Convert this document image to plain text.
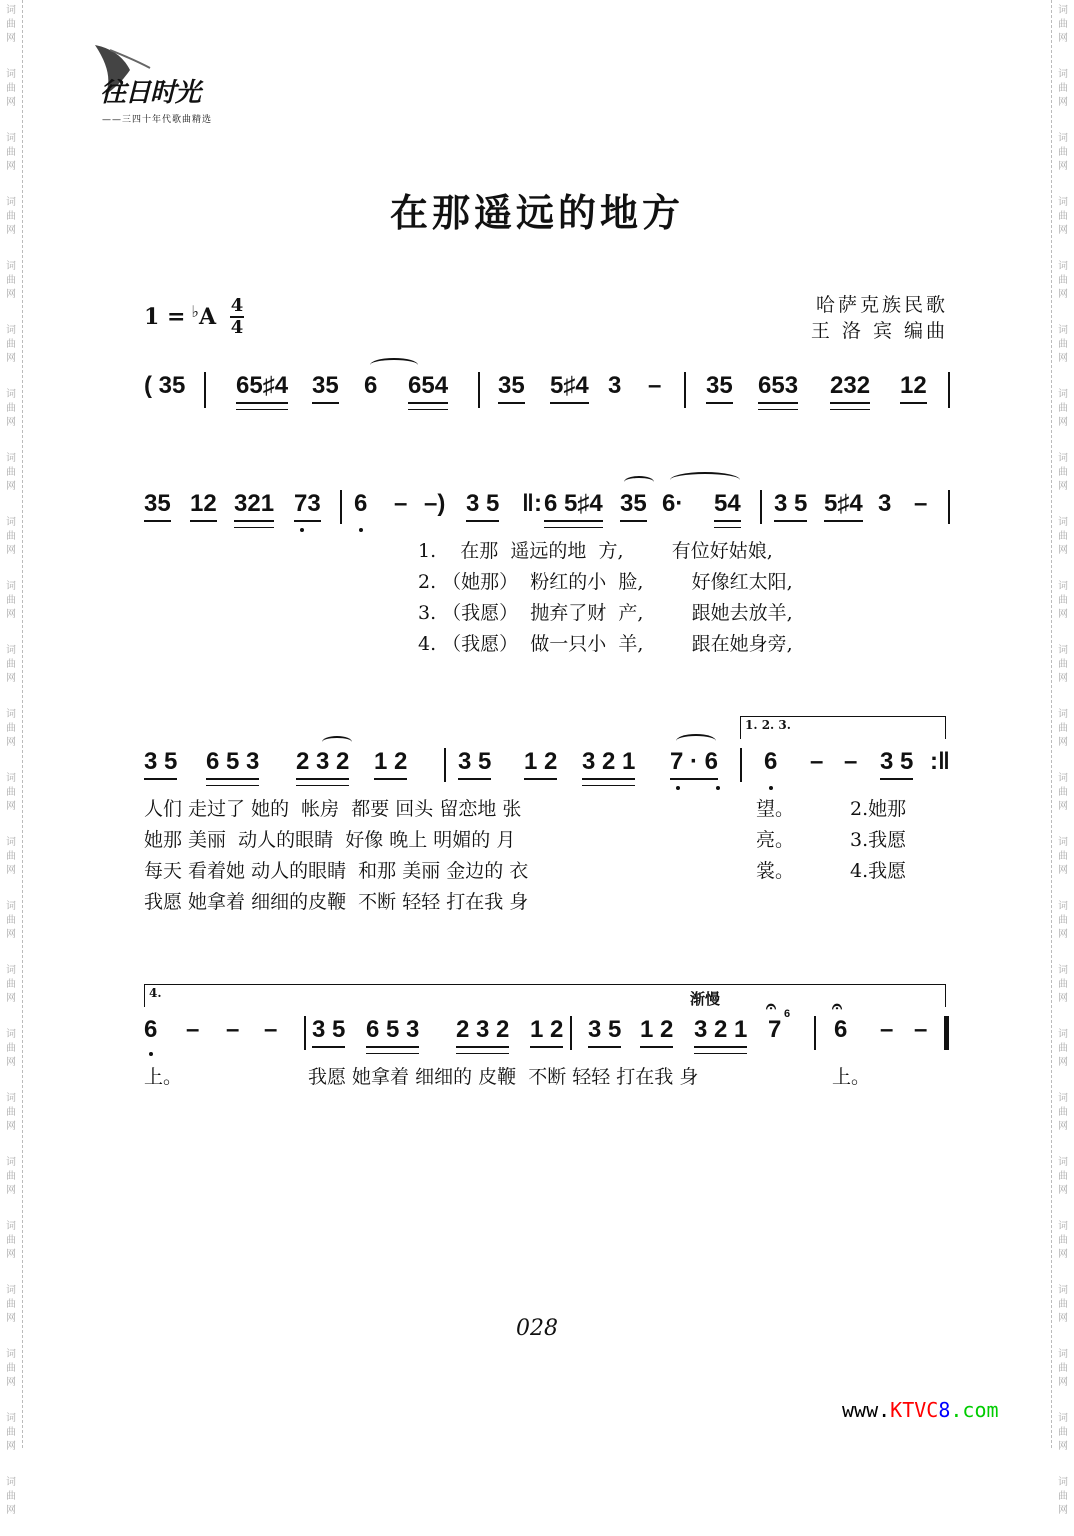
词
曲
网
词
曲
网
词
曲
网
词
曲
网
词
曲
网
词
曲
网
词
曲
网
词
曲
网
词
曲
网
词
曲
网
词
曲
网
词
曲
网
词
曲
网
词
曲
网
词
曲
网
词
曲
网
词
曲
网
词
曲
网
词
曲
网
词
曲
网
词
曲
网
词
曲
网
词
曲
网
词
曲
网
词
曲
网
词
曲
网
词
曲
网
词
曲
网
词
曲
网
词
曲
网
词
曲
网
词
曲
网
词
曲
网
词
曲
网
词
曲
网
词
曲
网
词
曲
网
词
曲
网
词
曲
网
词
曲
网
词
曲
网
词
曲
网
词
曲
网
词
曲
网
词
曲
网
词
曲
网
词
曲
网
词
曲
网
往日时光
——三四十年代歌曲精选
在那遥远的地方
1 = ♭ A $\frac{4}{4}$	哈萨克族民歌
王 洛 宾 编曲
( 35 65♯4 35 6 654 35 5♯4 3 – 35 653 232 12
35 12 321 73 6 – –) 3 5 ‖: 6 5♯4 35 6· 54 3 5 5♯4 3 –
1.    在那  遥远的地  方,        有位好姑娘,
2. （她那）  粉红的小  脸,        好像红太阳,
3. （我愿）  抛弃了财  产,        跟她去放羊,
4. （我愿）  做一只小  羊,        跟在她身旁,
1. 2. 3.
3 5 6 5 3 2 3 2 1 2 3 5 1 2 3 2 1 7 · 6 6 – – 3 5 :‖
人们 走过了 她的  帐房  都要 回头 留恋地 张	望。	2.她那
她那 美丽  动人的眼睛  好像 晚上 明媚的 月	亮。	3.我愿
每天 看着她 动人的眼睛  和那 美丽 金边的 衣	裳。	4.我愿
我愿 她拿着 细细的皮鞭  不断 轻轻 打在我 身
4.	渐慢
6 – – – 3 5 6 5 3 2 3 2 1 2 3 5 1 2 3 2 1 7
6
𝄐
6
𝄐
– –
上。	我愿 她拿着 细细的 皮鞭  不断 轻轻 打在我 身	上。
028
www.KTVC8.com
